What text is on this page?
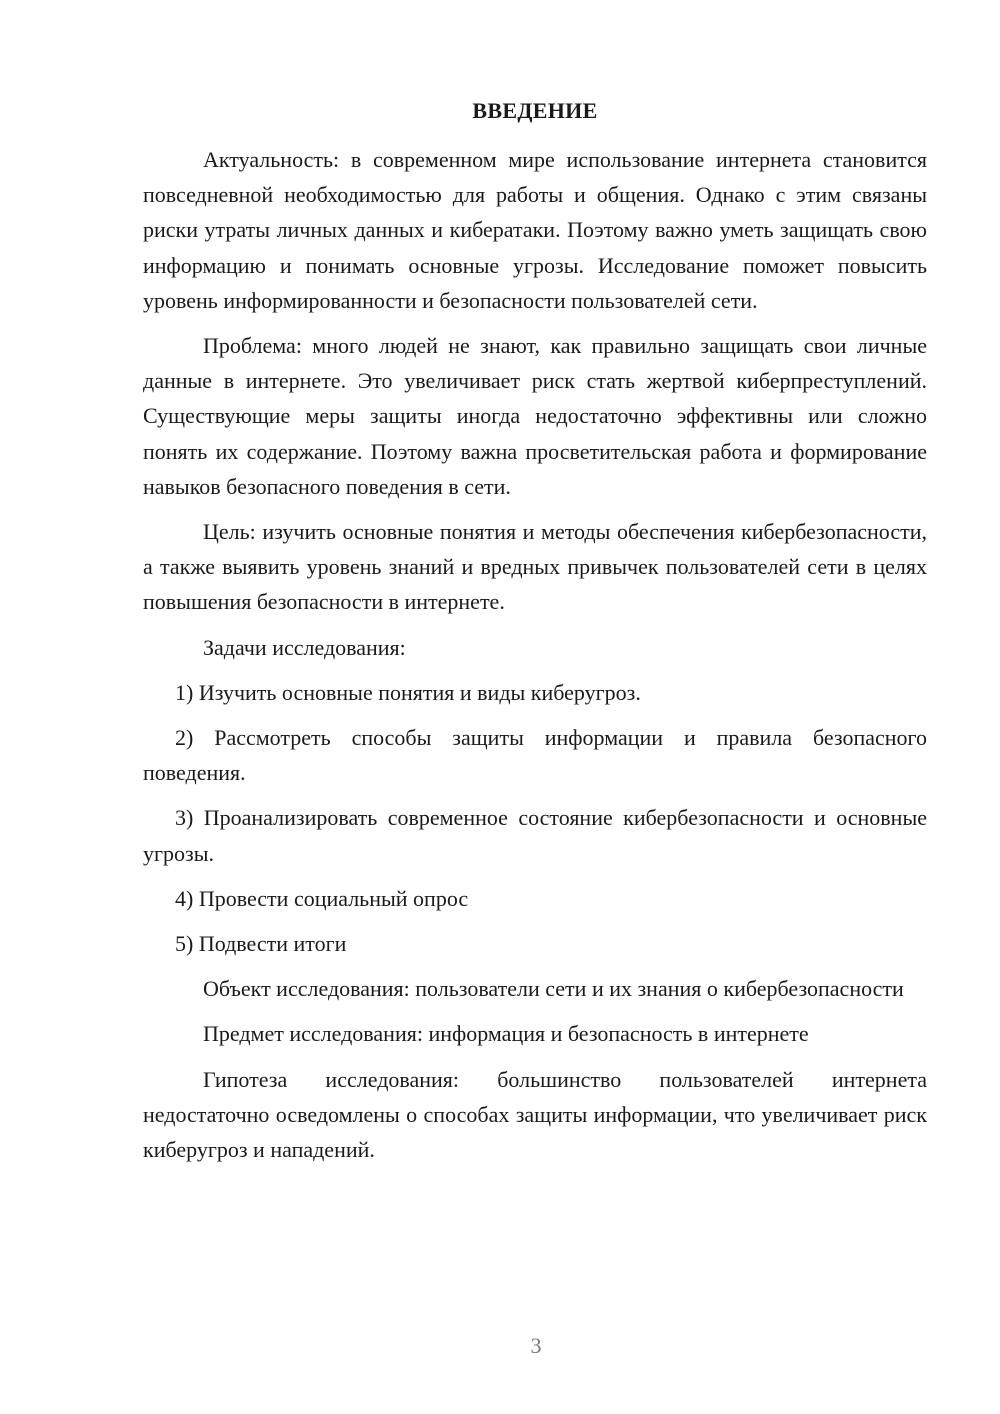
ВВЕДЕНИЕ

Актуальность: в современном мире использование интернета становится повседневной необходимостью для работы и общения. Однако с этим связаны риски утраты личных данных и кибератаки. Поэтому важно уметь защищать свою информацию и понимать основные угрозы. Исследование поможет повысить уровень информированности и безопасности пользователей сети.

Проблема: много людей не знают, как правильно защищать свои личные данные в интернете. Это увеличивает риск стать жертвой киберпреступлений. Существующие меры защиты иногда недостаточно эффективны или сложно понять их содержание. Поэтому важна просветительская работа и формирование навыков безопасного поведения в сети.

Цель: изучить основные понятия и методы обеспечения кибербезопасности, а также выявить уровень знаний и вредных привычек пользователей сети в целях повышения безопасности в интернете.

Задачи исследования:

1) Изучить основные понятия и виды киберугроз.

2) Рассмотреть способы защиты информации и правила безопасного поведения.

3) Проанализировать современное состояние кибербезопасности и основные угрозы.

4) Провести социальный опрос

5) Подвести итоги

Объект исследования: пользователи сети и их знания о кибербезопасности

Предмет исследования: информация и безопасность в интернете

Гипотеза исследования: большинство пользователей интернета недостаточно осведомлены о способах защиты информации, что увеличивает риск киберугроз и нападений.

3
